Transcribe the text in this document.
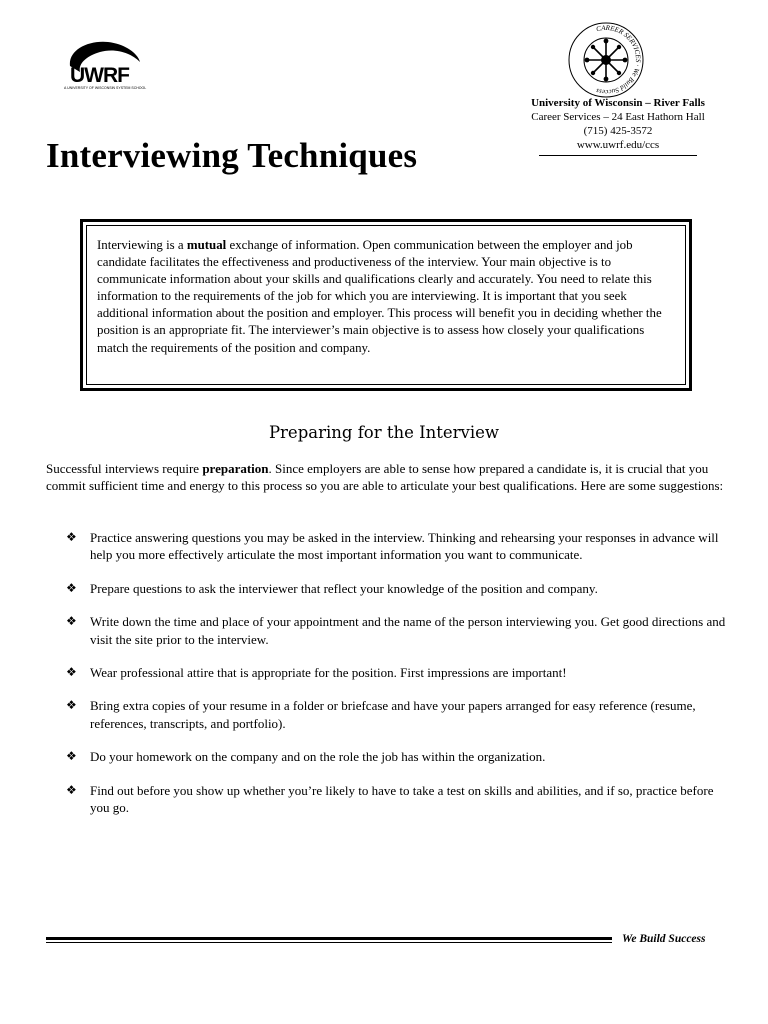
UWRF
A UNIVERSITY OF WISCONSIN SYSTEM SCHOOL
CAREER SERVICES · We Build Success
University of Wisconsin – River Falls
Career Services – 24 East Hathorn Hall
(715) 425-3572
www.uwrf.edu/ccs
Interviewing Techniques
Interviewing is a mutual exchange of information. Open communication between the employer and job candidate facilitates the effectiveness and productiveness of the interview. Your main objective is to communicate information about your skills and qualifications clearly and accurately. You need to relate this information to the requirements of the job for which you are interviewing. It is important that you seek additional information about the position and employer. This process will benefit you in deciding whether the position is an appropriate fit. The interviewer’s main objective is to assess how closely your qualifications match the requirements of the position and company.
Preparing for the Interview
Successful interviews require preparation. Since employers are able to sense how prepared a candidate is, it is crucial that you commit sufficient time and energy to this process so you are able to articulate your best qualifications. Here are some suggestions:
❖ Practice answering questions you may be asked in the interview. Thinking and rehearsing your responses in advance will help you more effectively articulate the most important information you want to communicate.
❖ Prepare questions to ask the interviewer that reflect your knowledge of the position and company.
❖ Write down the time and place of your appointment and the name of the person interviewing you. Get good directions and visit the site prior to the interview.
❖ Wear professional attire that is appropriate for the position. First impressions are important!
❖ Bring extra copies of your resume in a folder or briefcase and have your papers arranged for easy reference (resume, references, transcripts, and portfolio).
❖ Do your homework on the company and on the role the job has within the organization.
❖ Find out before you show up whether you’re likely to have to take a test on skills and abilities, and if so, practice before you go.
We Build Success
